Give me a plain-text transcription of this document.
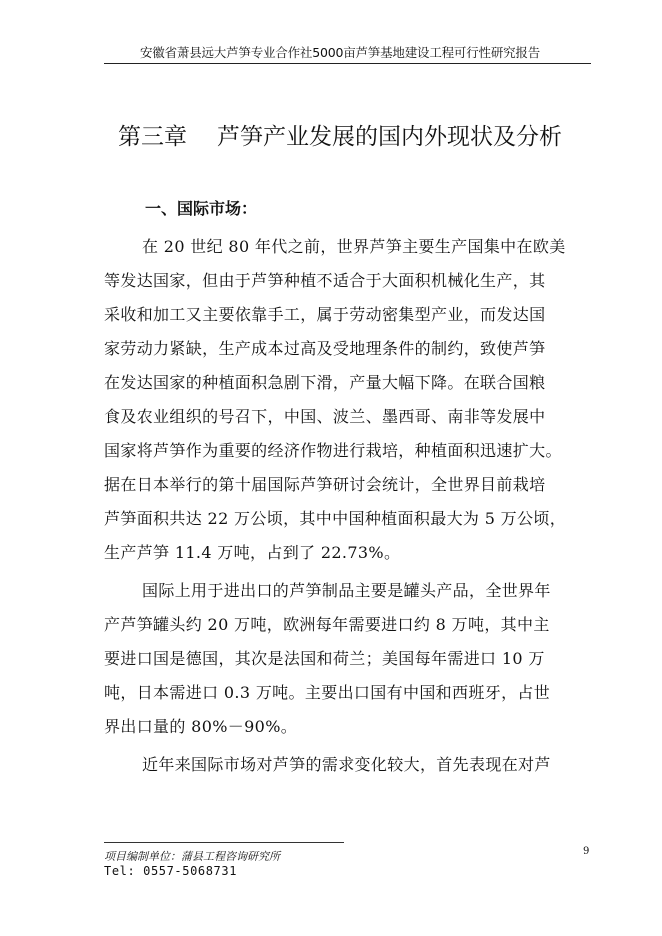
安徽省萧县远大芦笋专业合作社5000亩芦笋基地建设工程可行性研究报告
第三章 芦笋产业发展的国内外现状及分析
一、国际市场：

在 20 世纪 80 年代之前，世界芦笋主要生产国集中在欧美
等发达国家，但由于芦笋种植不适合于大面积机械化生产，其
采收和加工又主要依靠手工，属于劳动密集型产业，而发达国
家劳动力紧缺，生产成本过高及受地理条件的制约，致使芦笋
在发达国家的种植面积急剧下滑，产量大幅下降。在联合国粮
食及农业组织的号召下，中国、波兰、墨西哥、南非等发展中
国家将芦笋作为重要的经济作物进行栽培，种植面积迅速扩大。
据在日本举行的第十届国际芦笋研讨会统计，全世界目前栽培
芦笋面积共达 22 万公顷，其中中国种植面积最大为 5 万公顷，
生产芦笋 11.4 万吨，占到了 22.73%。

国际上用于进出口的芦笋制品主要是罐头产品，全世界年
产芦笋罐头约 20 万吨，欧洲每年需要进口约 8 万吨，其中主
要进口国是德国，其次是法国和荷兰；美国每年需进口 10 万
吨，日本需进口 0.3 万吨。主要出口国有中国和西班牙，占世
界出口量的 80%－90%。

近年来国际市场对芦笋的需求变化较大，首先表现在对芦

项目编制单位：蒲县工程咨询研究所
Tel: 0557-5068731
9
